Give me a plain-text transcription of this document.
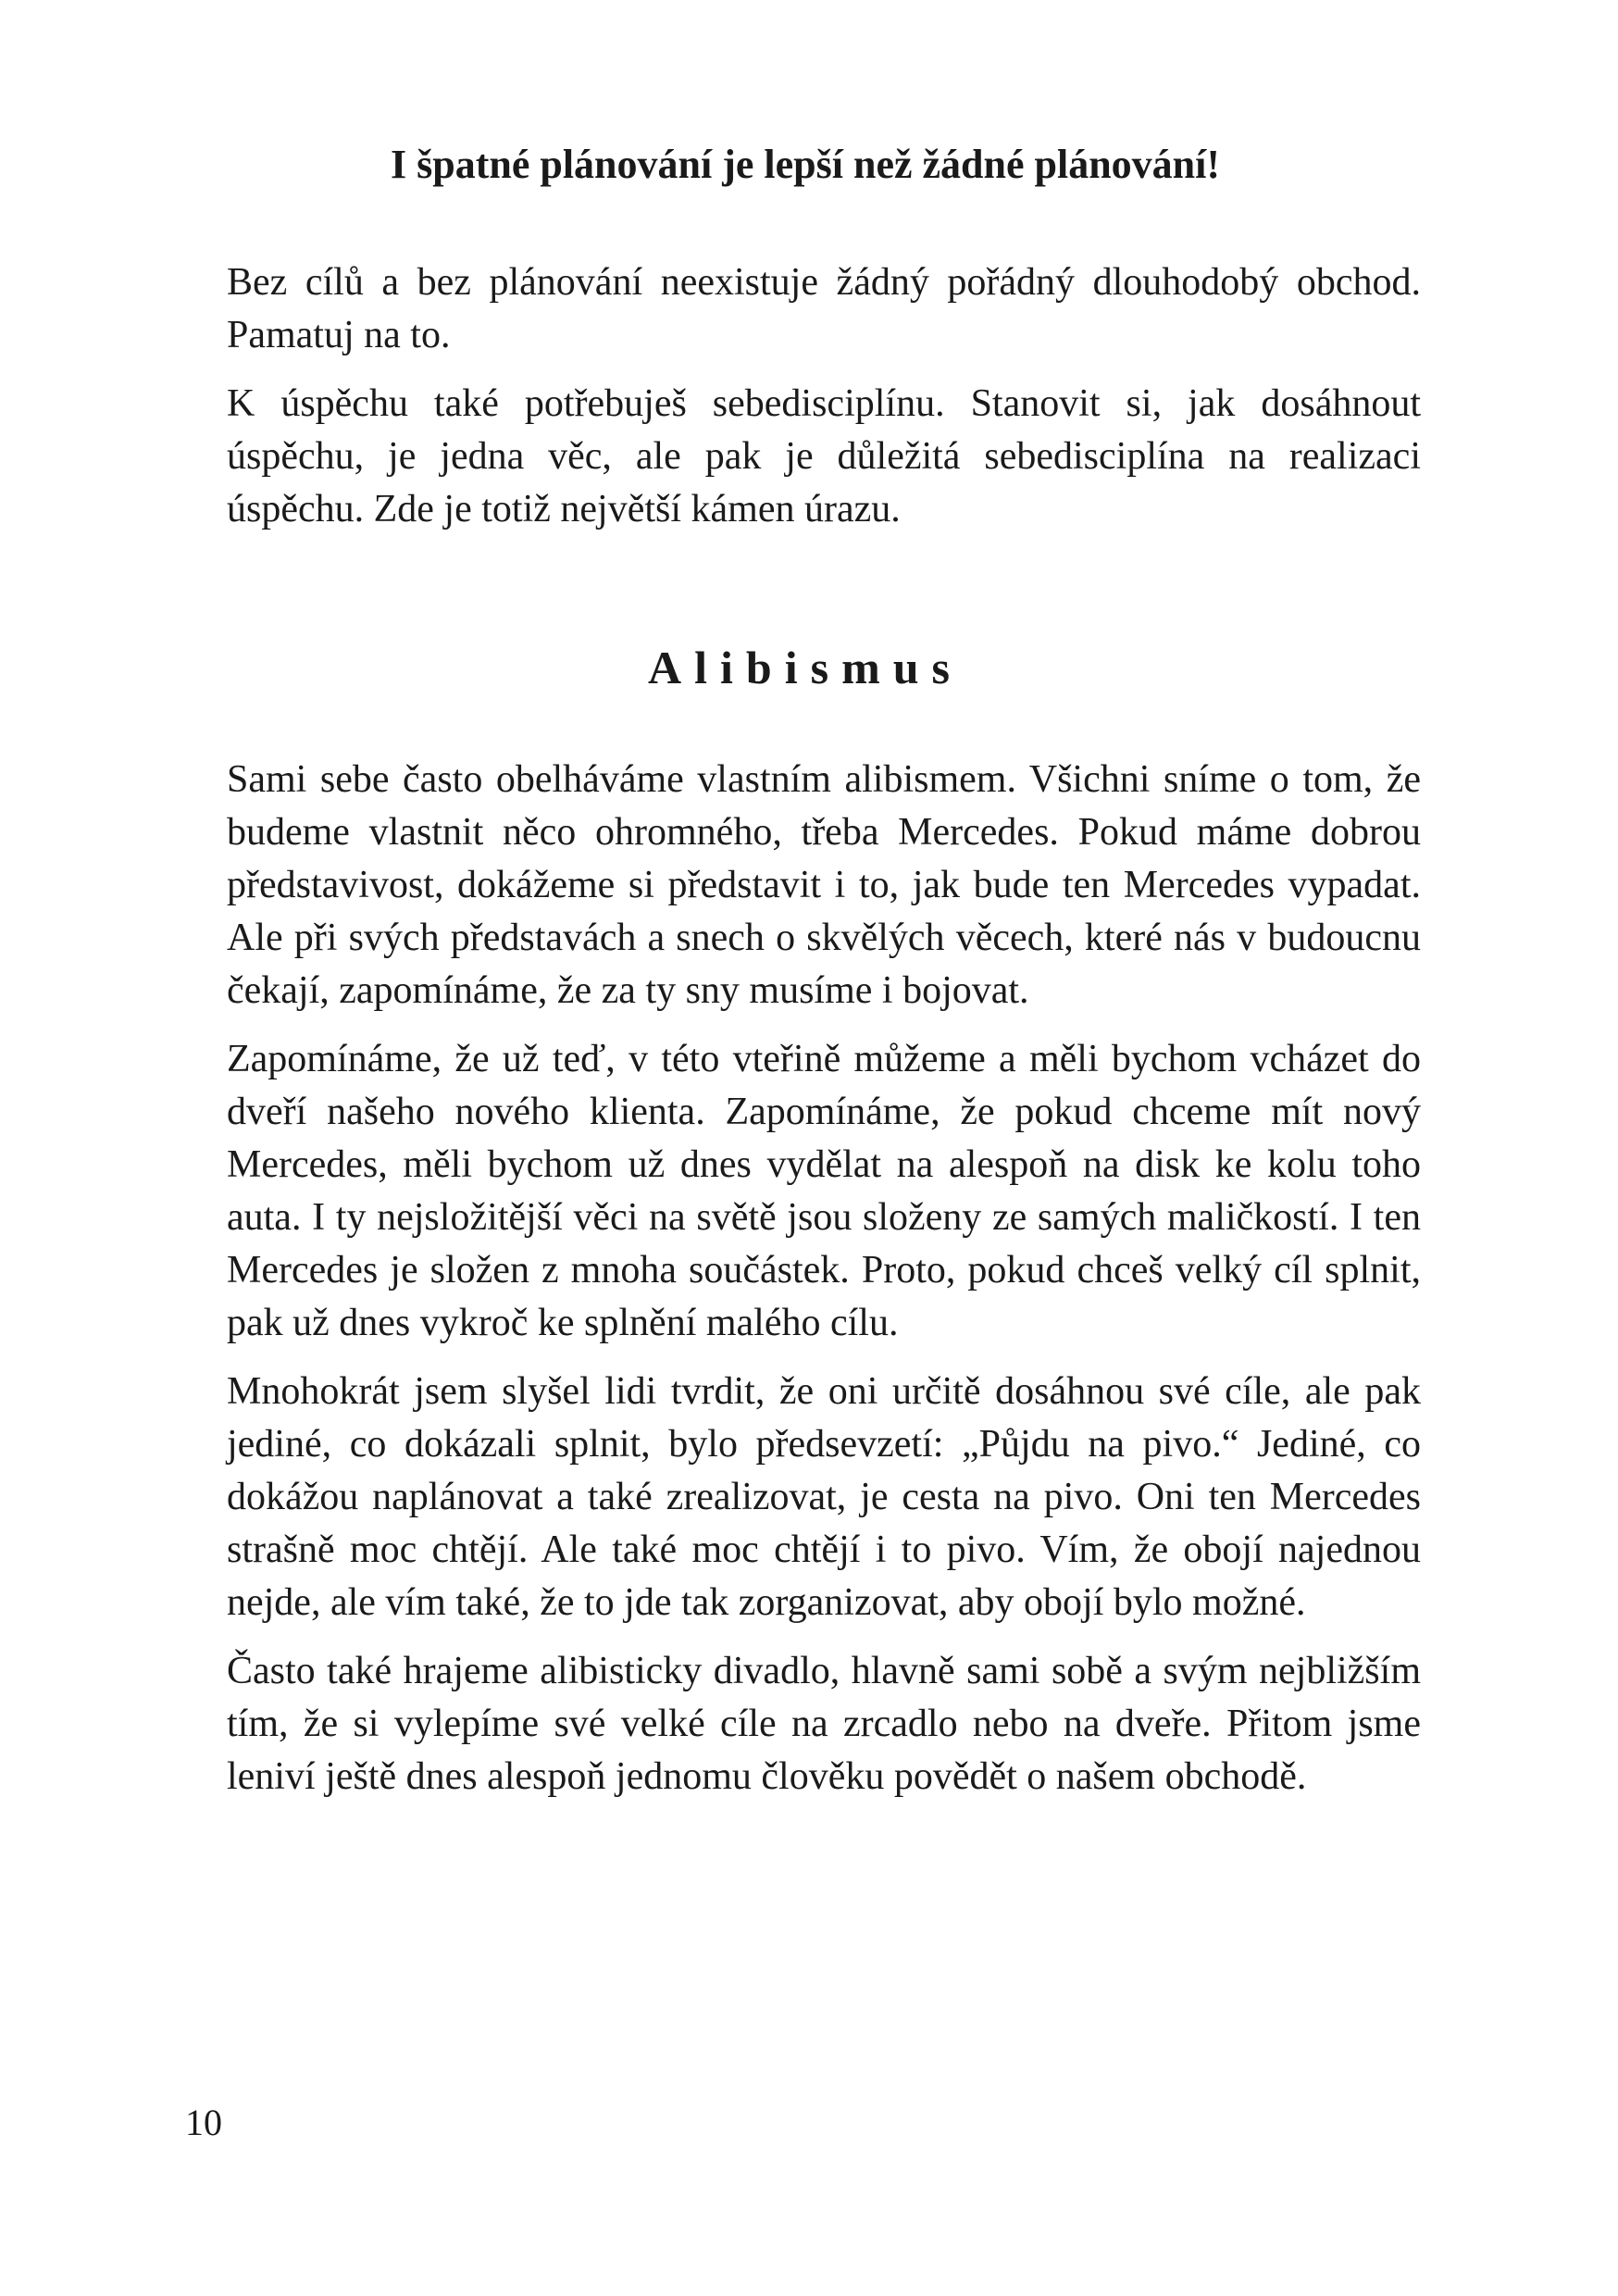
I špatné plánování je lepší než žádné plánování!

Bez cílů a bez plánování neexistuje žádný pořádný dlouhodobý obchod. Pamatuj na to.

K úspěchu také potřebuješ sebedisciplínu. Stanovit si, jak dosáhnout úspěchu, je jedna věc, ale pak je důležitá sebedisciplína na realizaci úspěchu. Zde je totiž největší kámen úrazu.

Alibismus

Sami sebe často obelháváme vlastním alibismem. Všichni sníme o tom, že budeme vlastnit něco ohromného, třeba Mercedes. Pokud máme dobrou představivost, dokážeme si představit i to, jak bude ten Mercedes vypadat. Ale při svých představách a snech o skvělých věcech, které nás v budoucnu čekají, zapomínáme, že za ty sny musíme i bojovat.

Zapomínáme, že už teď, v této vteřině můžeme a měli bychom vcházet do dveří našeho nového klienta. Zapomínáme, že pokud chceme mít nový Mercedes, měli bychom už dnes vydělat na alespoň na disk ke kolu toho auta. I ty nejsložitější věci na světě jsou složeny ze samých maličkostí. I ten Mercedes je složen z mnoha součástek. Proto, pokud chceš velký cíl splnit, pak už dnes vykroč ke splnění malého cílu.

Mnohokrát jsem slyšel lidi tvrdit, že oni určitě dosáhnou své cíle, ale pak jediné, co dokázali splnit, bylo předsevzetí: „Půjdu na pivo.“ Jediné, co dokážou naplánovat a také zrealizovat, je cesta na pivo. Oni ten Mercedes strašně moc chtějí. Ale také moc chtějí i to pivo. Vím, že obojí najednou nejde, ale vím také, že to jde tak zorganizovat, aby obojí bylo možné.

Často také hrajeme alibisticky divadlo, hlavně sami sobě a svým nejbližším tím, že si vylepíme své velké cíle na zrcadlo nebo na dveře. Přitom jsme leniví ještě dnes alespoň jednomu člověku povědět o našem obchodě.

10
